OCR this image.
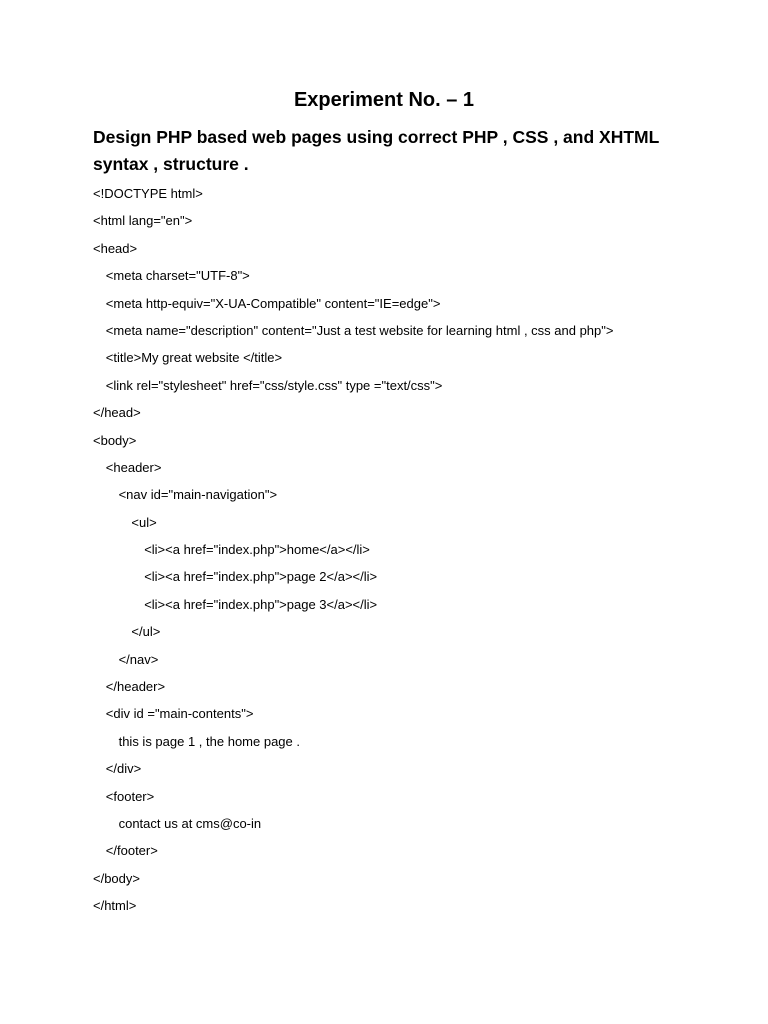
Experiment No. – 1
Design PHP based web pages using correct PHP , CSS , and XHTML syntax , structure .
<!DOCTYPE html>
<html lang="en">
<head>
<meta charset="UTF-8">
<meta http-equiv="X-UA-Compatible" content="IE=edge">
<meta name="description" content="Just a test website for learning html , css and php">
<title>My great website </title>
<link rel="stylesheet" href="css/style.css" type ="text/css">
</head>
<body>
<header>
<nav id="main-navigation">
<ul>
<li><a href="index.php">home</a></li>
<li><a href="index.php">page 2</a></li>
<li><a href="index.php">page 3</a></li>
</ul>
</nav>
</header>
<div id ="main-contents">
this is page 1 , the home page .
</div>
<footer>
contact us at cms@co-in
</footer>
</body>
</html>
